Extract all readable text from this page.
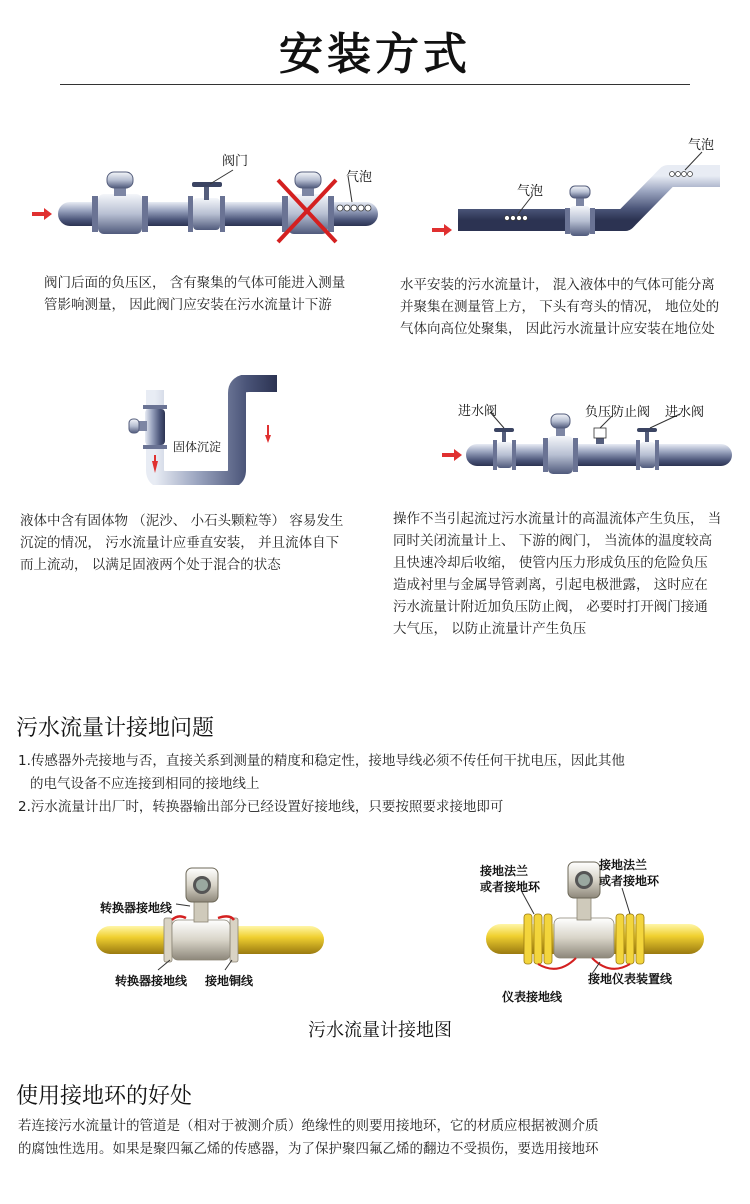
安装方式
阀门
气泡
阀门后面的负压区， 含有聚集的气体可能进入测量
管影响测量， 因此阀门应安装在污水流量计下游
气泡
气泡
水平安装的污水流量计， 混入液体中的气体可能分离
并聚集在测量管上方， 下头有弯头的情况， 地位处的
气体向高位处聚集， 因此污水流量计应安装在地位处
固体沉淀
液体中含有固体物 （泥沙、 小石头颗粒等） 容易发生
沉淀的情况， 污水流量计应垂直安装， 并且流体自下
而上流动， 以满足固液两个处于混合的状态
进水阀	负压防止阀 进水阀
操作不当引起流过污水流量计的高温流体产生负压， 当
同时关闭流量计上、 下游的阀门， 当流体的温度较高
且快速冷却后收缩， 使管内压力形成负压的危险负压
造成衬里与金属导管剥离，引起电极泄露， 这时应在
污水流量计附近加负压防止阀， 必要时打开阀门接通
大气压， 以防止流量计产生负压
污水流量计接地问题
1.传感器外壳接地与否，直接关系到测量的精度和稳定性，接地导线必须不传任何干扰电压，因此其他
的电气设备不应连接到相同的接地线上
2.污水流量计出厂时，转换器输出部分已经设置好接地线，只要按照要求接地即可
转换器接地线
转换器接地线 接地铜线
接地法兰
或者接地环
接地法兰
或者接地环
接地仪表装置线
仪表接地线
污水流量计接地图
使用接地环的好处
若连接污水流量计的管道是（相对于被测介质）绝缘性的则要用接地环，它的材质应根据被测介质
的腐蚀性选用。如果是聚四氟乙烯的传感器，为了保护聚四氟乙烯的翻边不受损伤，要选用接地环
